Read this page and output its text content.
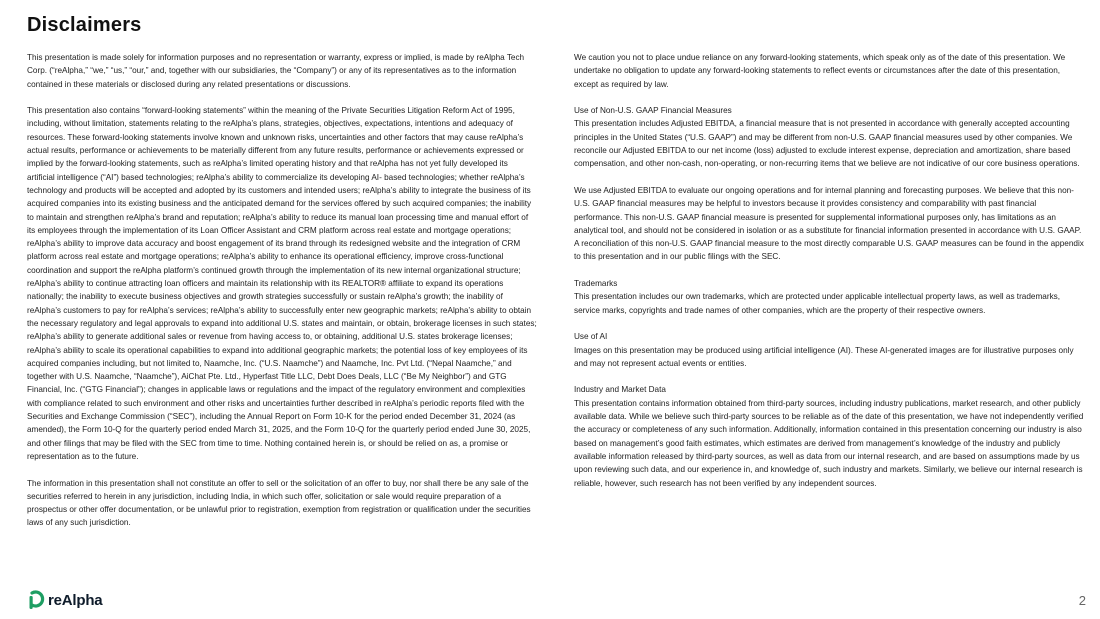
Disclaimers

This presentation is made solely for information purposes and no representation or warranty, express or implied, is made by reAlpha Tech Corp. (“reAlpha,” “we,” “us,” “our,” and, together with our subsidiaries, the “Company”) or any of its representatives as to the information contained in these materials or disclosed during any related presentations or discussions.

This presentation also contains “forward-looking statements” within the meaning of the Private Securities Litigation Reform Act of 1995, including, without limitation, statements relating to the reAlpha’s plans, strategies, objectives, expectations, intentions and adequacy of resources. These forward-looking statements involve known and unknown risks, uncertainties and other factors that may cause reAlpha’s actual results, performance or achievements to be materially different from any future results, performance or achievements expressed or implied by the forward-looking statements, such as reAlpha’s limited operating history and that reAlpha has not yet fully developed its artificial intelligence (“AI”) based technologies; reAlpha’s ability to commercialize its developing AI- based technologies; whether reAlpha’s technology and products will be accepted and adopted by its customers and intended users; reAlpha’s ability to integrate the business of its acquired companies into its existing business and the anticipated demand for the services offered by such acquired companies; the inability to maintain and strengthen reAlpha’s brand and reputation; reAlpha’s ability to reduce its manual loan processing time and manual effort of its employees through the implementation of its Loan Officer Assistant and CRM platform across real estate and mortgage operations; reAlpha’s ability to improve data accuracy and boost engagement of its brand through its redesigned website and the integration of CRM platform across real estate and mortgage operations; reAlpha’s ability to enhance its operational efficiency, improve cross-functional coordination and support the reAlpha platform’s continued growth through the implementation of its new internal organizational structure; reAlpha’s ability to continue attracting loan officers and maintain its relationship with its REALTOR® affiliate to expand its operations nationally; the inability to execute business objectives and growth strategies successfully or sustain reAlpha’s growth; the inability of reAlpha’s customers to pay for reAlpha’s services; reAlpha’s ability to successfully enter new geographic markets; reAlpha’s ability to obtain the necessary regulatory and legal approvals to expand into additional U.S. states and maintain, or obtain, brokerage licenses in such states; reAlpha’s ability to generate additional sales or revenue from having access to, or obtaining, additional U.S. states brokerage licenses; reAlpha’s ability to scale its operational capabilities to expand into additional geographic markets; the potential loss of key employees of its acquired companies including, but not limited to, Naamche, Inc. (“U.S. Naamche”) and Naamche, Inc. Pvt Ltd. (“Nepal Naamche,” and together with U.S. Naamche, “Naamche”), AiChat Pte. Ltd., Hyperfast Title LLC, Debt Does Deals, LLC (“Be My Neighbor”) and GTG Financial, Inc. (“GTG Financial”); changes in applicable laws or regulations and the impact of the regulatory environment and complexities with compliance related to such environment and other risks and uncertainties further described in reAlpha’s periodic reports filed with the Securities and Exchange Commission (“SEC”), including the Annual Report on Form 10-K for the period ended December 31, 2024 (as amended), the Form 10-Q for the quarterly period ended March 31, 2025, and the Form 10-Q for the quarterly period ended June 30, 2025, and other filings that may be filed with the SEC from time to time. Nothing contained herein is, or should be relied on as, a promise or representation as to the future.

The information in this presentation shall not constitute an offer to sell or the solicitation of an offer to buy, nor shall there be any sale of the securities referred to herein in any jurisdiction, including India, in which such offer, solicitation or sale would require preparation of a prospectus or other offer documentation, or be unlawful prior to registration, exemption from registration or qualification under the securities laws of any such jurisdiction.

We caution you not to place undue reliance on any forward-looking statements, which speak only as of the date of this presentation. We undertake no obligation to update any forward-looking statements to reflect events or circumstances after the date of this presentation, except as required by law.

Use of Non-U.S. GAAP Financial Measures

This presentation includes Adjusted EBITDA, a financial measure that is not presented in accordance with generally accepted accounting principles in the United States (“U.S. GAAP”) and may be different from non-U.S. GAAP financial measures used by other companies. We reconcile our Adjusted EBITDA to our net income (loss) adjusted to exclude interest expense, depreciation and amortization, share based compensation, and other non-cash, non-operating, or non-recurring items that we believe are not indicative of our core business operations.

We use Adjusted EBITDA to evaluate our ongoing operations and for internal planning and forecasting purposes. We believe that this non-U.S. GAAP financial measures may be helpful to investors because it provides consistency and comparability with past financial performance. This non-U.S. GAAP financial measure is presented for supplemental informational purposes only, has limitations as an analytical tool, and should not be considered in isolation or as a substitute for financial information presented in accordance with U.S. GAAP. A reconciliation of this non-U.S. GAAP financial measure to the most directly comparable U.S. GAAP measures can be found in the appendix to this presentation and in our public filings with the SEC.

Trademarks

This presentation includes our own trademarks, which are protected under applicable intellectual property laws, as well as trademarks, service marks, copyrights and trade names of other companies, which are the property of their respective owners.

Use of AI

Images on this presentation may be produced using artificial intelligence (AI). These AI-generated images are for illustrative purposes only and may not represent actual events or entities.

Industry and Market Data

This presentation contains information obtained from third-party sources, including industry publications, market research, and other publicly available data. While we believe such third-party sources to be reliable as of the date of this presentation, we have not independently verified the accuracy or completeness of any such information. Additionally, information contained in this presentation concerning our industry is also based on management’s good faith estimates, which estimates are derived from management’s knowledge of the industry and publicly available information released by third-party sources, as well as data from our internal research, and are based on assumptions made by us upon reviewing such data, and our experience in, and knowledge of, such industry and markets. Similarly, we believe our internal research is reliable, however, such research has not been verified by any independent sources.

reAlpha	2
